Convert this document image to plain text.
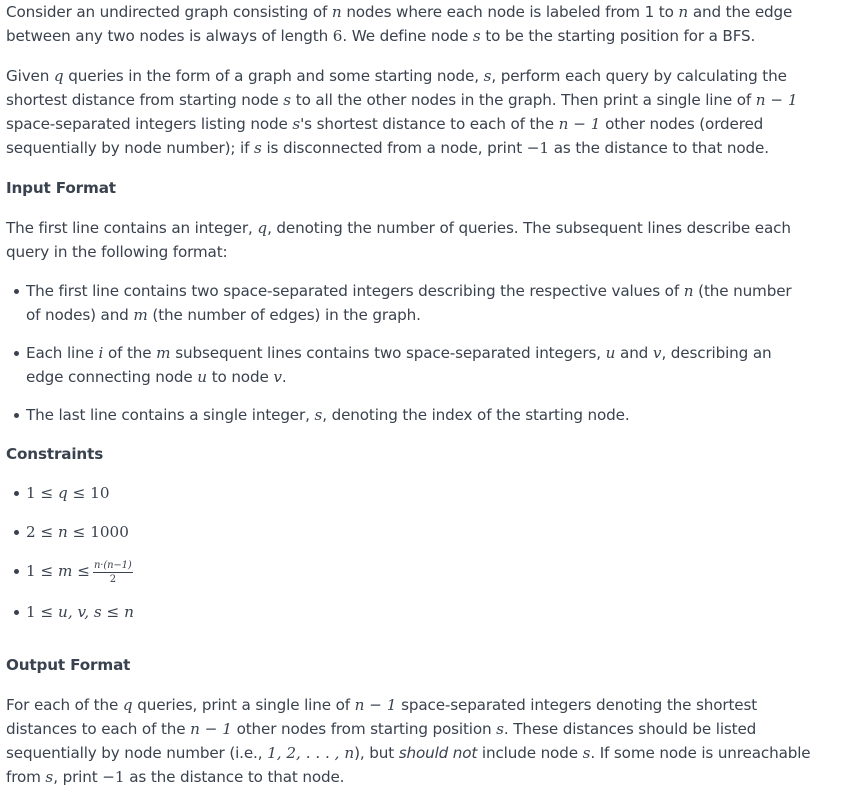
Consider an undirected graph consisting of n nodes where each node is labeled from 1 to n and the edge between any two nodes is always of length 6. We define node s to be the starting position for a BFS.

Given q queries in the form of a graph and some starting node, s, perform each query by calculating the shortest distance from starting node s to all the other nodes in the graph. Then print a single line of n − 1 space-separated integers listing node s's shortest distance to each of the n − 1 other nodes (ordered sequentially by node number); if s is disconnected from a node, print −1 as the distance to that node.

Input Format

The first line contains an integer, q, denoting the number of queries. The subsequent lines describe each query in the following format:

The first line contains two space-separated integers describing the respective values of n (the number of nodes) and m (the number of edges) in the graph.
Each line i of the m subsequent lines contains two space-separated integers, u and v, describing an edge connecting node u to node v.
The last line contains a single integer, s, denoting the index of the starting node.
Constraints
1 ≤ q ≤ 10
2 ≤ n ≤ 1000
$1 \le m \le \frac{n\cdot(n-1)}{2}$
1 ≤ u, v, s ≤ n
Output Format

For each of the q queries, print a single line of n − 1 space-separated integers denoting the shortest distances to each of the n − 1 other nodes from starting position s. These distances should be listed sequentially by node number (i.e., 1, 2, . . . , n), but should not include node s. If some node is unreachable from s, print −1 as the distance to that node.
